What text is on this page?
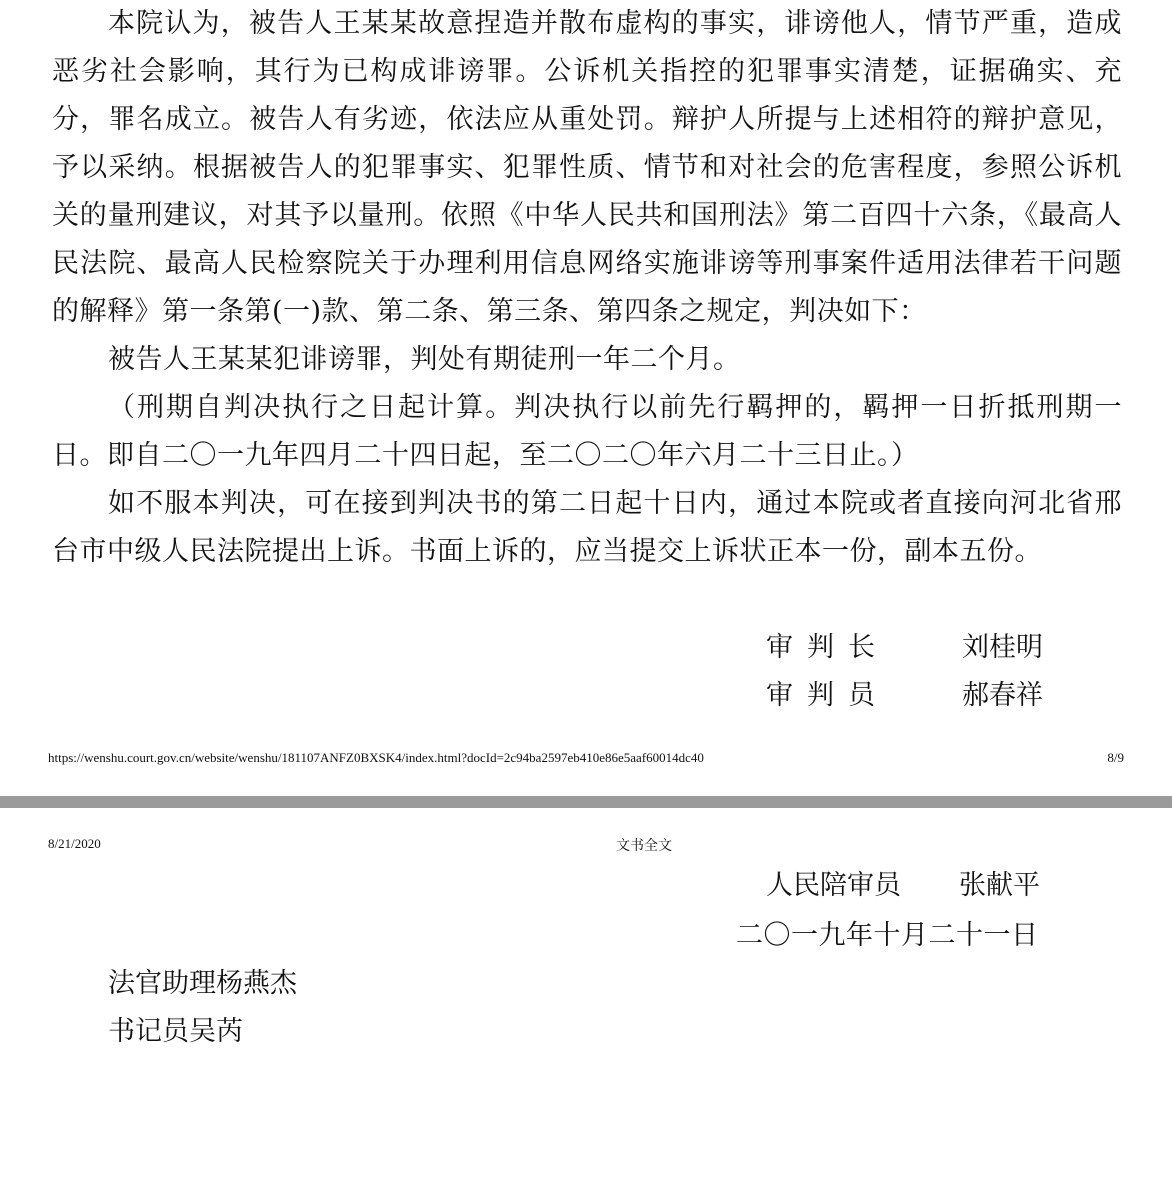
本院认为，被告人王某某故意捏造并散布虚构的事实，诽谤他人，情节严重，造成恶劣社会影响，其行为已构成诽谤罪。公诉机关指控的犯罪事实清楚，证据确实、充分，罪名成立。被告人有劣迹，依法应从重处罚。辩护人所提与上述相符的辩护意见，予以采纳。根据被告人的犯罪事实、犯罪性质、情节和对社会的危害程度，参照公诉机关的量刑建议，对其予以量刑。依照《中华人民共和国刑法》第二百四十六条，《最高人民法院、最高人民检察院关于办理利用信息网络实施诽谤等刑事案件适用法律若干问题的解释》第一条第(一)款、第二条、第三条、第四条之规定，判决如下：

被告人王某某犯诽谤罪，判处有期徒刑一年二个月。

（刑期自判决执行之日起计算。判决执行以前先行羁押的，羁押一日折抵刑期一日。即自二〇一九年四月二十四日起，至二〇二〇年六月二十三日止。）

如不服本判决，可在接到判决书的第二日起十日内，通过本院或者直接向河北省邢台市中级人民法院提出上诉。书面上诉的，应当提交上诉状正本一份，副本五份。

审判长	刘桂明
审判员	郝春祥
https://wenshu.court.gov.cn/website/wenshu/181107ANFZ0BXSK4/index.html?docId=2c94ba2597eb410e86e5aaf60014dc40	8/9
8/21/2020	文书全文
人民陪审员 张献平
二〇一九年十月二十一日
法官助理杨燕杰
书记员吴芮
